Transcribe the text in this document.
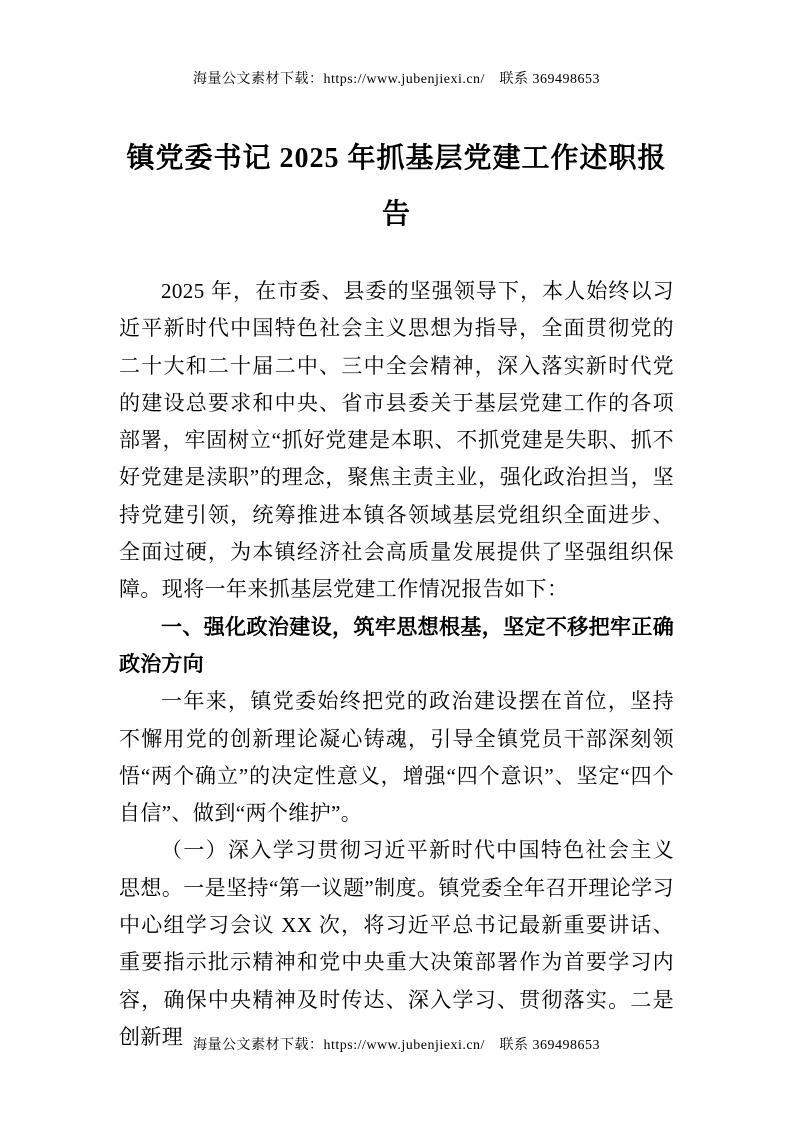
海量公文素材下载：https://www.jubenjiexi.cn/　联系 369498653
镇党委书记 2025 年抓基层党建工作述职报
告

2025 年，在市委、县委的坚强领导下，本人始终以习近平新时代中国特色社会主义思想为指导，全面贯彻党的二十大和二十届二中、三中全会精神，深入落实新时代党的建设总要求和中央、省市县委关于基层党建工作的各项部署，牢固树立“抓好党建是本职、不抓党建是失职、抓不好党建是渎职”的理念，聚焦主责主业，强化政治担当，坚持党建引领，统筹推进本镇各领域基层党组织全面进步、全面过硬，为本镇经济社会高质量发展提供了坚强组织保障。现将一年来抓基层党建工作情况报告如下：

一、强化政治建设，筑牢思想根基，坚定不移把牢正确政治方向

一年来，镇党委始终把党的政治建设摆在首位，坚持不懈用党的创新理论凝心铸魂，引导全镇党员干部深刻领悟“两个确立”的决定性意义，增强“四个意识”、坚定“四个自信”、做到“两个维护”。

（一）深入学习贯彻习近平新时代中国特色社会主义思想。一是坚持“第一议题”制度。镇党委全年召开理论学习中心组学习会议 XX 次，将习近平总书记最新重要讲话、重要指示批示精神和党中央重大决策部署作为首要学习内容，确保中央精神及时传达、深入学习、贯彻落实。二是创新理 海量公文素材下载：https://www.jubenjiexi.cn/　联系 369498653
